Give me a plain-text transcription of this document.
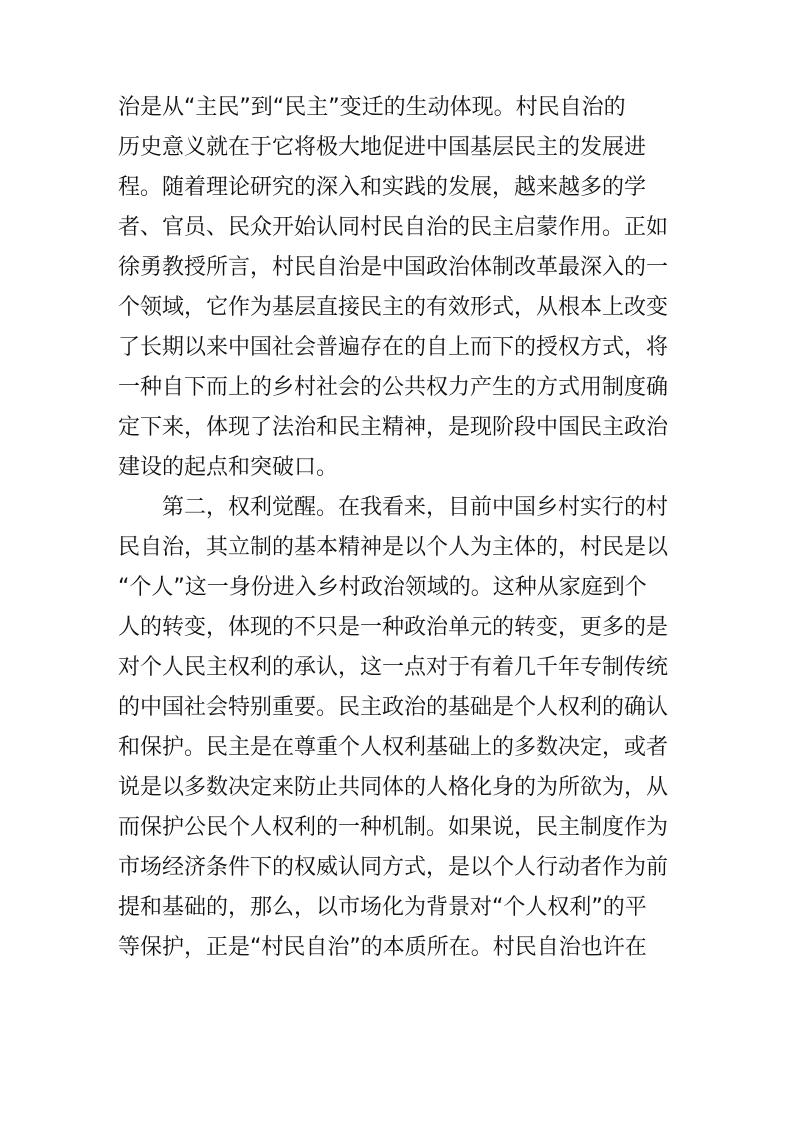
治是从“主民”到“民主”变迁的生动体现。村民自治的
历史意义就在于它将极大地促进中国基层民主的发展进
程。随着理论研究的深入和实践的发展，越来越多的学
者、官员、民众开始认同村民自治的民主启蒙作用。正如
徐勇教授所言，村民自治是中国政治体制改革最深入的一
个领域，它作为基层直接民主的有效形式，从根本上改变
了长期以来中国社会普遍存在的自上而下的授权方式，将
一种自下而上的乡村社会的公共权力产生的方式用制度确
定下来，体现了法治和民主精神，是现阶段中国民主政治
建设的起点和突破口。
第二，权利觉醒。在我看来，目前中国乡村实行的村
民自治，其立制的基本精神是以个人为主体的，村民是以
“个人”这一身份进入乡村政治领域的。这种从家庭到个
人的转变，体现的不只是一种政治单元的转变，更多的是
对个人民主权利的承认，这一点对于有着几千年专制传统
的中国社会特别重要。民主政治的基础是个人权利的确认
和保护。民主是在尊重个人权利基础上的多数决定，或者
说是以多数决定来防止共同体的人格化身的为所欲为，从
而保护公民个人权利的一种机制。如果说，民主制度作为
市场经济条件下的权威认同方式，是以个人行动者作为前
提和基础的，那么，以市场化为背景对“个人权利”的平
等保护，正是“村民自治”的本质所在。村民自治也许在
